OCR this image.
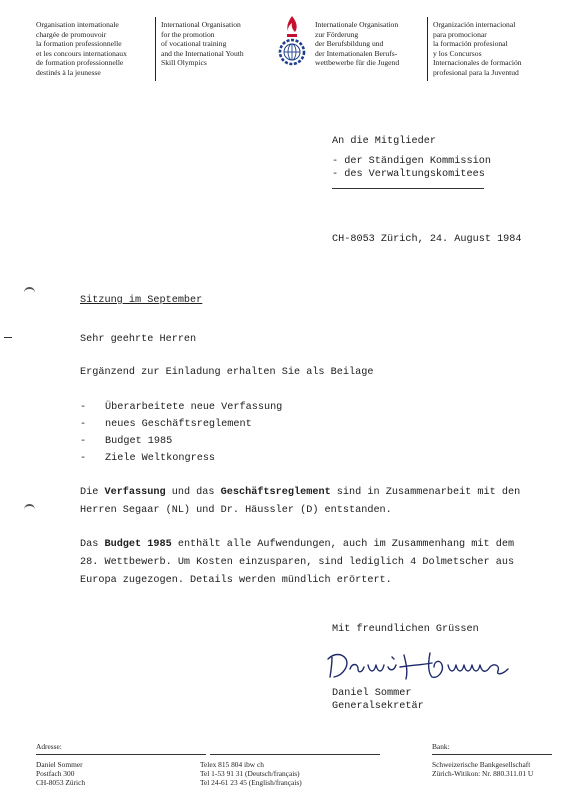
Organisation internationale
chargée de promouvoir
la formation professionnelle
et les concours internationaux
de formation professionnelle
destinés à la jeunesse
International Organisation
for the promotion
of vocational training
and the International Youth
Skill Olympics
Internationale Organisation
zur Förderung
der Berufsbildung und
der Internationalen Berufs-
wettbewerbe für die Jugend
Organización internacional
para promocionar
la formación profesional
y los Concursos
Internacionales de formación
profesional para la Juventud
An die Mitglieder
- der Ständigen Kommission
- des Verwaltungskomitees
CH-8053 Zürich, 24. August 1984
Sitzung im September
Sehr geehrte Herren
Ergänzend zur Einladung erhalten Sie als Beilage
- Überarbeitete neue Verfassung
- neues Geschäftsreglement
- Budget 1985
- Ziele Weltkongress
Die Verfassung und das Geschäftsreglement sind in Zusammenarbeit mit den
Herren Segaar (NL) und Dr. Häussler (D) entstanden.
Das Budget 1985 enthält alle Aufwendungen, auch im Zusammenhang mit dem
28. Wettbewerb. Um Kosten einzusparen, sind lediglich 4 Dolmetscher aus
Europa zugezogen. Details werden mündlich erörtert.
Mit freundlichen Grüssen
Daniel Sommer
Generalsekretär
Adresse:	Bank:
Daniel Sommer
Postfach 300
CH-8053 Zürich
Telex 815 804 ibw ch
Tel 1-53 91 31 (Deutsch/français)
Tel 24-61 23 45 (English/français)
Schweizerische Bankgesellschaft
Zürich-Witikon: Nr. 880.311.01 U
